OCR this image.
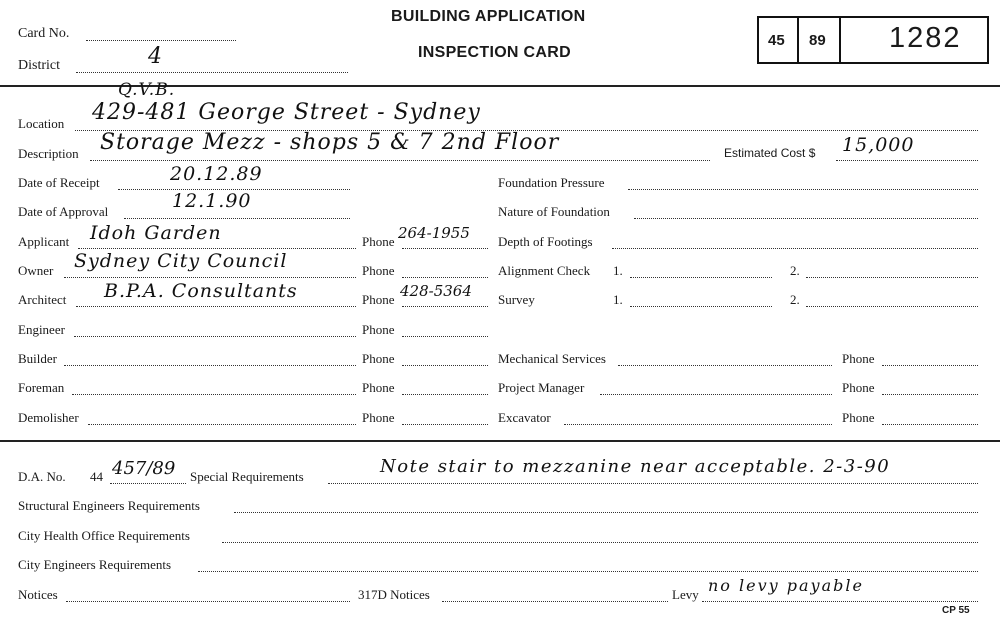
Card No.
District	4
BUILDING APPLICATION
INSPECTION CARD
45 89 1282
Location
Q.V.B.
429-481 George Street - Sydney
Description Storage Mezz - shops 5 & 7 2nd Floor	Estimated Cost $ 15,000
Date of Receipt	20.12.89
Date of Approval	12.1.90
Applicant Idoh Garden	Phone 264-1955
Owner Sydney City Council	Phone
Architect B.P.A. Consultants	Phone 428-5364
Engineer	Phone
Builder	Phone
Foreman	Phone
Demolisher	Phone
Foundation Pressure
Nature of Foundation
Depth of Footings
Alignment Check 1.	2.
Survey	1.	2.
Mechanical Services	Phone
Project Manager	Phone
Excavator	Phone
D.A. No. 44 457/89 Special Requirements	Note stair to mezzanine near acceptable. 2-3-90
Structural Engineers Requirements
City Health Office Requirements
City Engineers Requirements
Notices	317D Notices	Levy no levy payable
CP 55
